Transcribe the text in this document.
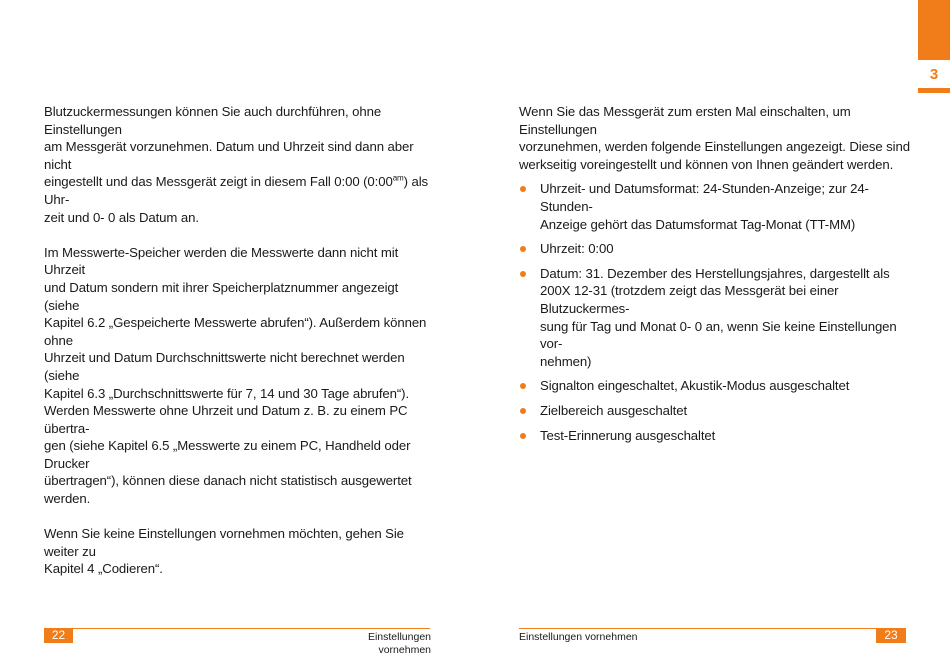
3

Blutzuckermessungen können Sie auch durchführen, ohne Einstellungen
am Messgerät vorzunehmen. Datum und Uhrzeit sind dann aber nicht
eingestellt und das Messgerät zeigt in diesem Fall 0:00 $(0:00^{am})$ als Uhr-
zeit und 0- 0 als Datum an.

Im Messwerte-Speicher werden die Messwerte dann nicht mit Uhrzeit
und Datum sondern mit ihrer Speicherplatznummer angezeigt (siehe
Kapitel 6.2 „Gespeicherte Messwerte abrufen“). Außerdem können ohne
Uhrzeit und Datum Durchschnittswerte nicht berechnet werden (siehe
Kapitel 6.3 „Durchschnittswerte für 7, 14 und 30 Tage abrufen“).
Werden Messwerte ohne Uhrzeit und Datum z. B. zu einem PC übertra-
gen (siehe Kapitel 6.5 „Messwerte zu einem PC, Handheld oder Drucker
übertragen“), können diese danach nicht statistisch ausgewertet
werden.

Wenn Sie keine Einstellungen vornehmen möchten, gehen Sie weiter zu
Kapitel 4 „Codieren“.

Wenn Sie das Messgerät zum ersten Mal einschalten, um Einstellungen
vorzunehmen, werden folgende Einstellungen angezeigt. Diese sind
werkseitig voreingestellt und können von Ihnen geändert werden.

Uhrzeit- und Datumsformat: 24-Stunden-Anzeige; zur 24-Stunden-
Anzeige gehört das Datumsformat Tag-Monat (TT-MM)
Uhrzeit: 0:00
Datum: 31. Dezember des Herstellungsjahres, dargestellt als
200X 12-31 (trotzdem zeigt das Messgerät bei einer Blutzuckermes-
sung für Tag und Monat 0- 0 an, wenn Sie keine Einstellungen vor-
nehmen)
Signalton eingeschaltet, Akustik-Modus ausgeschaltet
Zielbereich ausgeschaltet
Test-Erinnerung ausgeschaltet
22	Einstellungen vornehmen
Einstellungen vornehmen	23
